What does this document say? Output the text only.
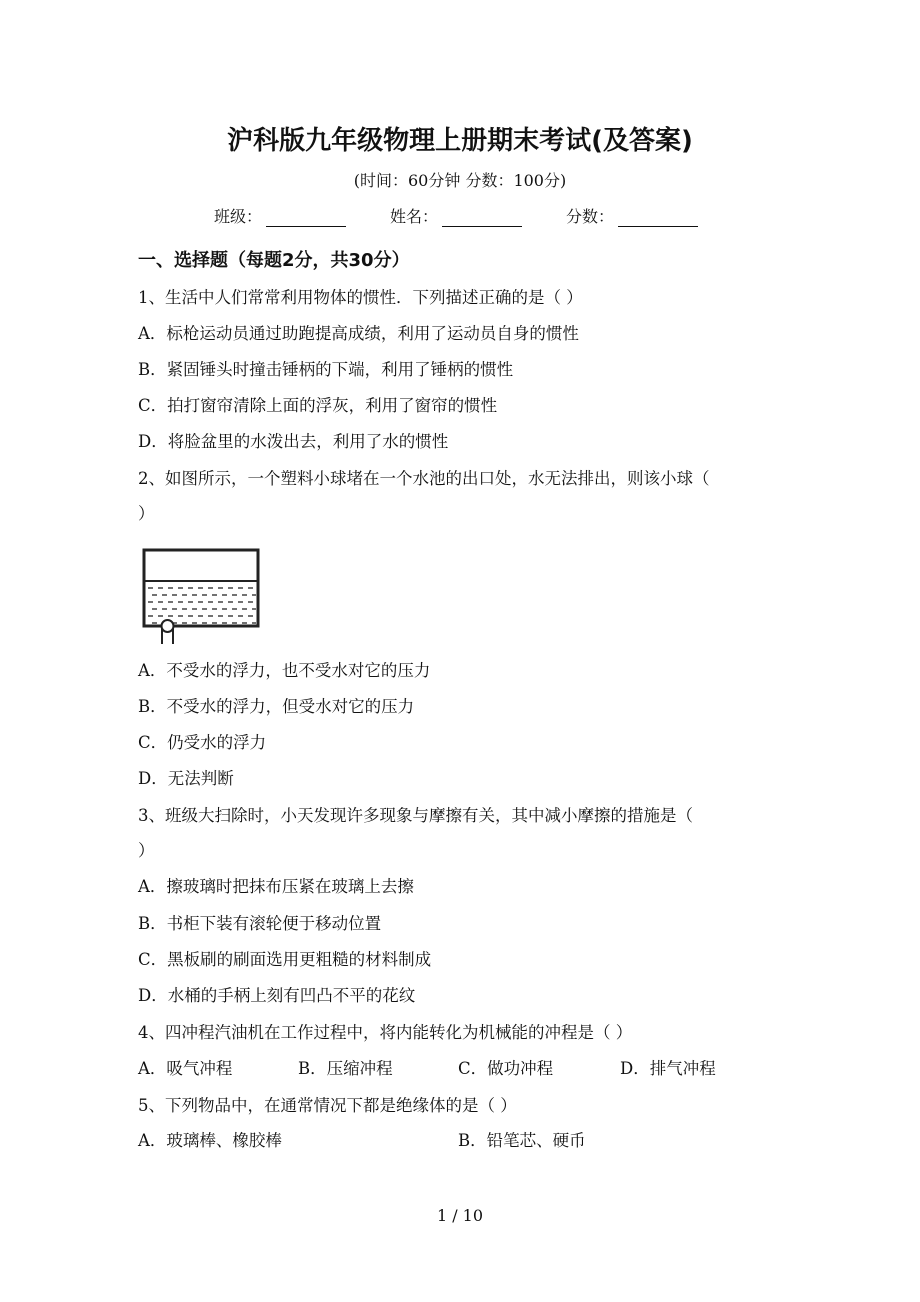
沪科版九年级物理上册期末考试(及答案)
(时间：60分钟 分数：100分)
班级：	姓名：	分数：
一、选择题（每题2分，共30分）
1、生活中人们常常利用物体的惯性．下列描述正确的是（ ）
A．标枪运动员通过助跑提高成绩，利用了运动员自身的惯性
B．紧固锤头时撞击锤柄的下端，利用了锤柄的惯性
C．拍打窗帘清除上面的浮灰，利用了窗帘的惯性
D．将脸盆里的水泼出去，利用了水的惯性
2、如图所示，一个塑料小球堵在一个水池的出口处，水无法排出，则该小球（
）
A．不受水的浮力，也不受水对它的压力
B．不受水的浮力，但受水对它的压力
C．仍受水的浮力
D．无法判断
3、班级大扫除时，小天发现许多现象与摩擦有关，其中减小摩擦的措施是（
）
A．擦玻璃时把抹布压紧在玻璃上去擦
B．书柜下装有滚轮便于移动位置
C．黑板刷的刷面选用更粗糙的材料制成
D．水桶的手柄上刻有凹凸不平的花纹
4、四冲程汽油机在工作过程中，将内能转化为机械能的冲程是（ ）
A．吸气冲程	B．压缩冲程	C．做功冲程	D．排气冲程
5、下列物品中，在通常情况下都是绝缘体的是（ ）
A．玻璃棒、橡胶棒	B．铅笔芯、硬币
1 / 10
